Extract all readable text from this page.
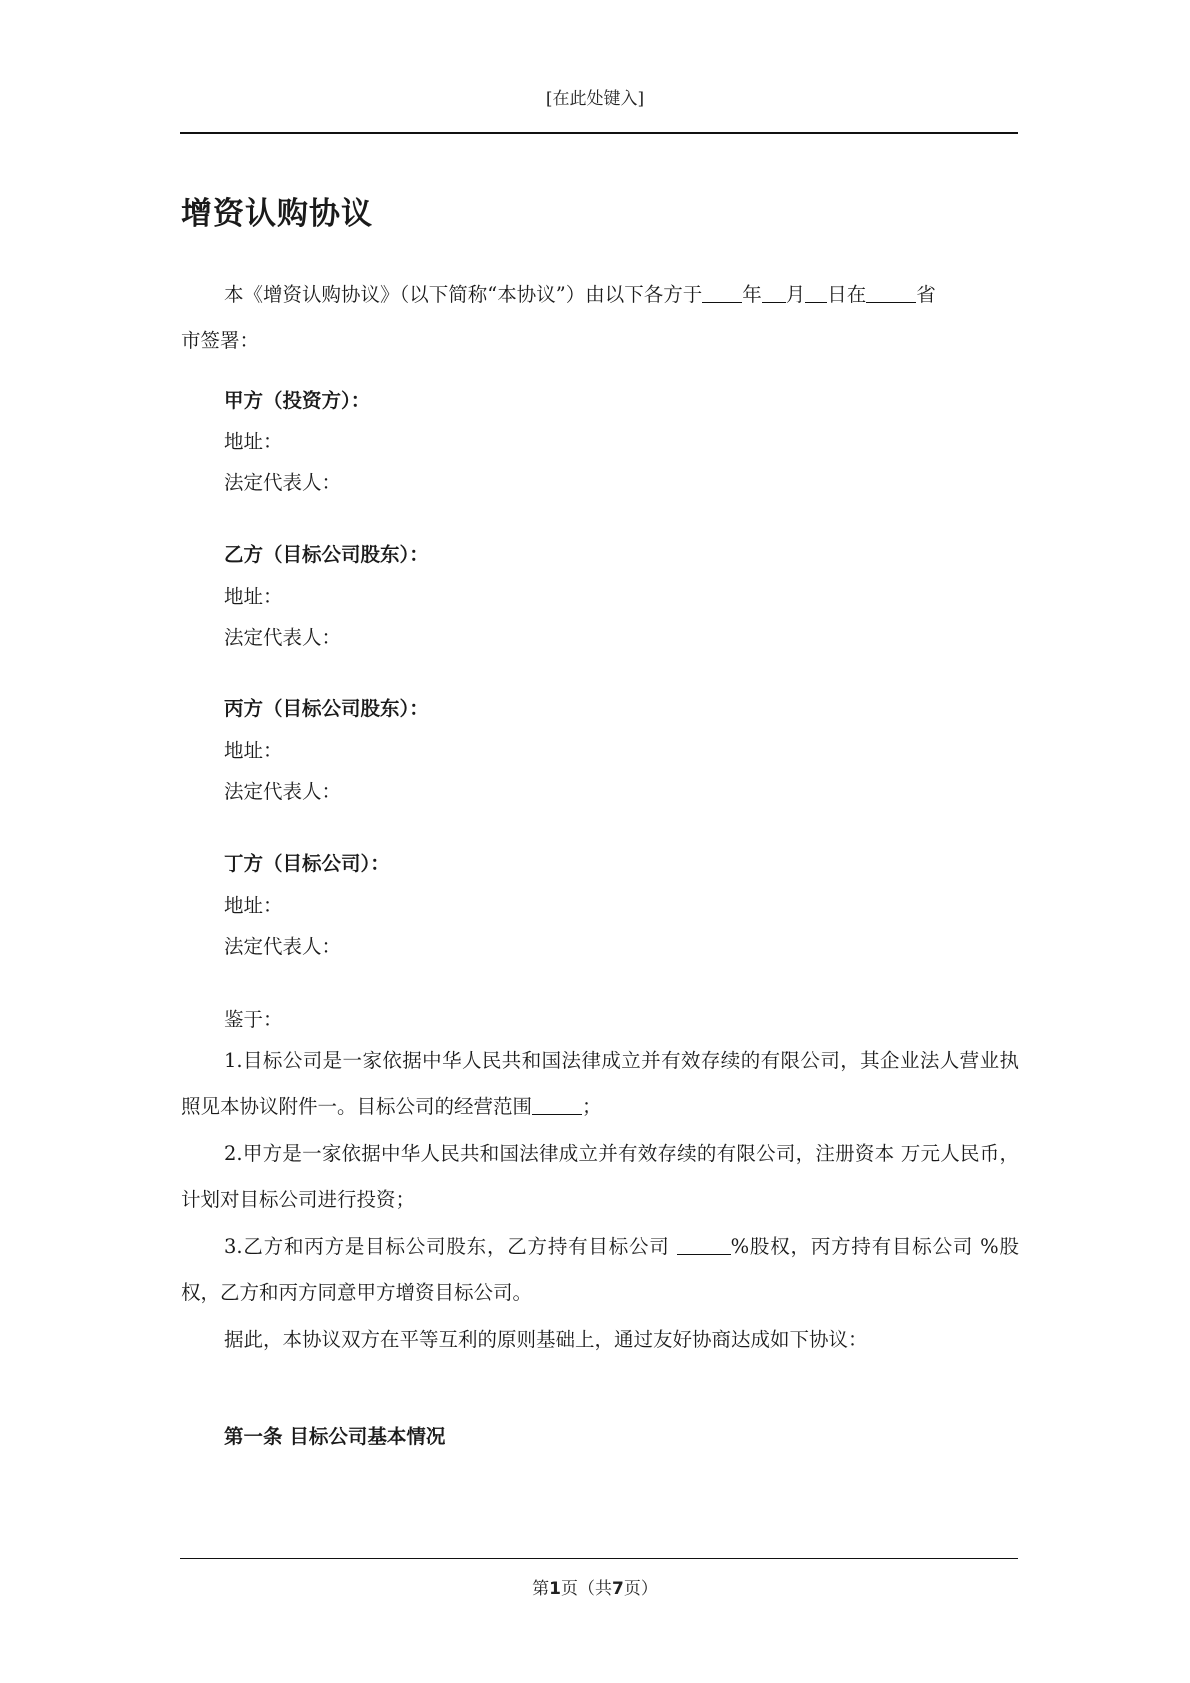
[在此处键入]
增资认购协议
本《增资认购协议》（以下简称“本协议”）由以下各方于 年 月 日在	省
市签署：
甲方（投资方）：
地址：
法定代表人：
乙方（目标公司股东）：
地址：
法定代表人：
丙方（目标公司股东）：
地址：
法定代表人：
丁方（目标公司）：
地址：
法定代表人：
鉴于：
1.目标公司是一家依据中华人民共和国法律成立并有效存续的有限公司，其企业法人营业执照见本协议附件一。目标公司的经营范围	；
2.甲方是一家依据中华人民共和国法律成立并有效存续的有限公司，注册资本 万元人民币，计划对目标公司进行投资；
3.乙方和丙方是目标公司股东，乙方持有目标公司	%股权，丙方持有目标公司 %股权，乙方和丙方同意甲方增资目标公司。
据此，本协议双方在平等互利的原则基础上，通过友好协商达成如下协议：
第一条 目标公司基本情况
第1页（共7页）
